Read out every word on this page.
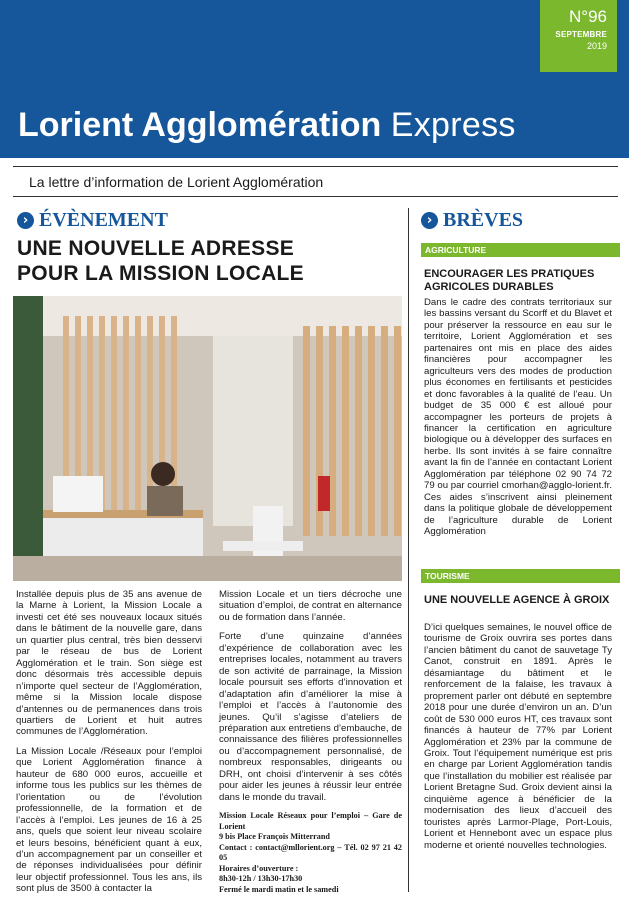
N°96
SEPTEMBRE
2019
Lorient Agglomération Express
La lettre d’information de Lorient Agglomération
› ÉVÈNEMENT
UNE NOUVELLE ADRESSE POUR LA MISSION LOCALE

Installée depuis plus de 35 ans avenue de la Marne à Lorient, la Mission Locale a investi cet été ses nouveaux locaux situés dans le bâtiment de la nouvelle gare, dans un quartier plus central, très bien desservi par le réseau de bus de Lorient Agglomération et le train. Son siège est donc désormais très accessible depuis n’importe quel secteur de l’Agglomération, même si la Mission locale dispose d’antennes ou de permanences dans trois quartiers de Lorient et huit autres communes de l’Agglomération.

La Mission Locale /Réseaux pour l’emploi que Lorient Agglomération finance à hauteur de 680 000 euros, accueille et informe tous les publics sur les thèmes de l’orientation ou de l’évolution professionnelle, de la formation et de l’accès à l’emploi. Les jeunes de 16 à 25 ans, quels que soient leur niveau scolaire et leurs besoins, bénéficient quant à eux, d’un accompagnement par un conseiller et de réponses individualisées pour définir leur objectif professionnel. Tous les ans, ils sont plus de 3500 à contacter la

Mission Locale et un tiers décroche une situation d’emploi, de contrat en alternance ou de formation dans l’année.

Forte d’une quinzaine d’années d’expérience de collaboration avec les entreprises locales, notamment au travers de son activité de parrainage, la Mission locale poursuit ses efforts d’innovation et d’adaptation afin d’améliorer la mise à l’emploi et l’accès à l’autonomie des jeunes. Qu’il s’agisse d’ateliers de préparation aux entretiens d’embauche, de connaissance des filières professionnelles ou d’accompagnement personnalisé, de nombreux responsables, dirigeants ou DRH, ont choisi d’intervenir à ses côtés pour aider les jeunes à réussir leur entrée dans le monde du travail.

Mission Locale Réseaux pour l’emploi – Gare de Lorient
9 bis Place François Mitterrand
Contact : contact@mllorient.org – Tél. 02 97 21 42 05
Horaires d’ouverture :
8h30-12h / 13h30-17h30
Fermé le mardi matin et le samedi
› BRÈVES
AGRICULTURE
ENCOURAGER LES PRATIQUES AGRICOLES DURABLES
Dans le cadre des contrats territoriaux sur les bassins versant du Scorff et du Blavet et pour préserver la ressource en eau sur le territoire, Lorient Agglomération et ses partenaires ont mis en place des aides financières pour accompagner les agriculteurs vers des modes de production plus économes en fertilisants et pesticides et donc favorables à la qualité de l’eau. Un budget de 35 000 € est alloué pour accompagner les porteurs de projets à financer la certification en agriculture biologique ou à développer des surfaces en herbe. Ils sont invités à se faire connaître avant la fin de l’année en contactant Lorient Agglomération par téléphone 02 90 74 72 79 ou par courriel cmorhan@agglo-lorient.fr. Ces aides s’inscrivent ainsi pleinement dans la politique globale de développement de l’agriculture durable de Lorient Agglomération
TOURISME
UNE NOUVELLE AGENCE À GROIX
D’ici quelques semaines, le nouvel office de tourisme de Groix ouvrira ses portes dans l’ancien bâtiment du canot de sauvetage Ty Canot, construit en 1891. Après le désamiantage du bâtiment et le renforcement de la falaise, les travaux à proprement parler ont débuté en septembre 2018 pour une durée d’environ un an. D’un coût de 530 000 euros HT, ces travaux sont financés à hauteur de 77% par Lorient Agglomération et 23% par la commune de Groix. Tout l’équipement numérique est pris en charge par Lorient Agglomération tandis que l’installation du mobilier est réalisée par Lorient Bretagne Sud. Groix devient ainsi la cinquième agence à bénéficier de la modernisation des lieux d’accueil des touristes après Larmor-Plage, Port-Louis, Lorient et Hennebont avec un espace plus moderne et orienté nouvelles technologies.
